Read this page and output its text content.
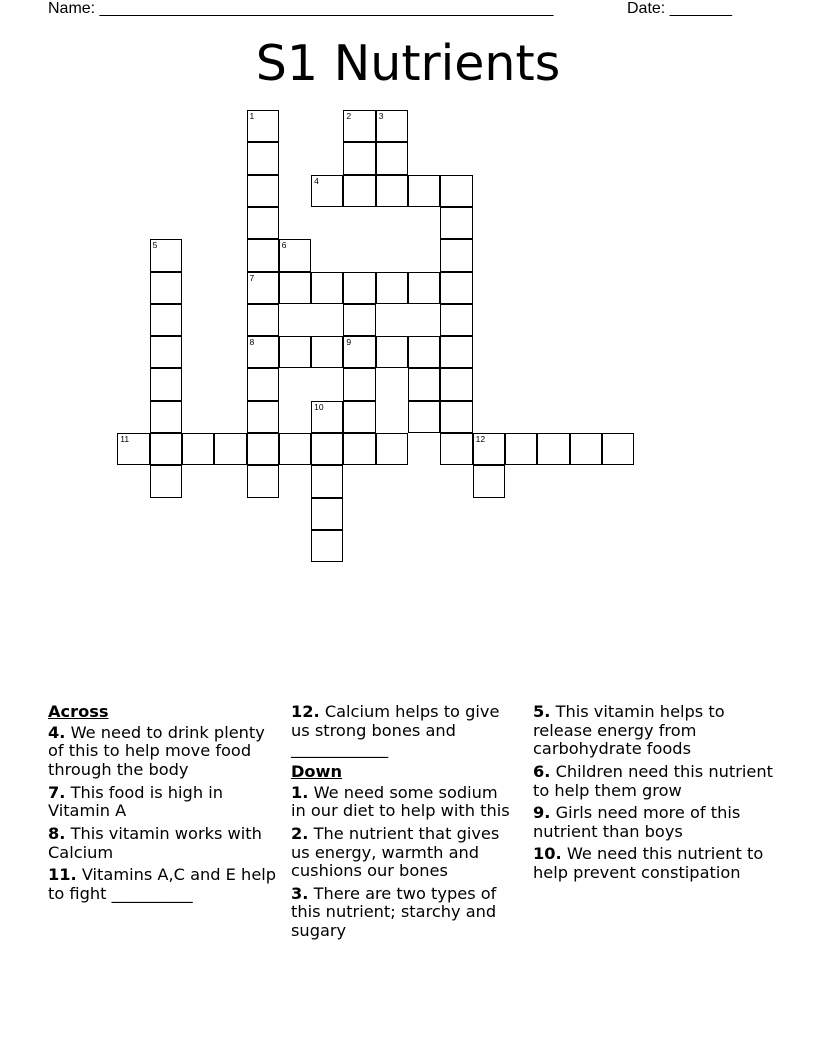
Name: ___________________________________________________	Date: _______
S1 Nutrients
1	2	3
4
5	6
7
8	9
10
11	12

Across

4. We need to drink plenty of this to help move food through the body

7. This food is high in Vitamin A

8. This vitamin works with Calcium

11. Vitamins A,C and E help to fight __________

12. Calcium helps to give us strong bones and ____________

Down

1. We need some sodium in our diet to help with this

2. The nutrient that gives us energy, warmth and cushions our bones

3. There are two types of this nutrient; starchy and sugary

5. This vitamin helps to release energy from carbohydrate foods

6. Children need this nutrient to help them grow

9. Girls need more of this nutrient than boys

10. We need this nutrient to help prevent constipation
